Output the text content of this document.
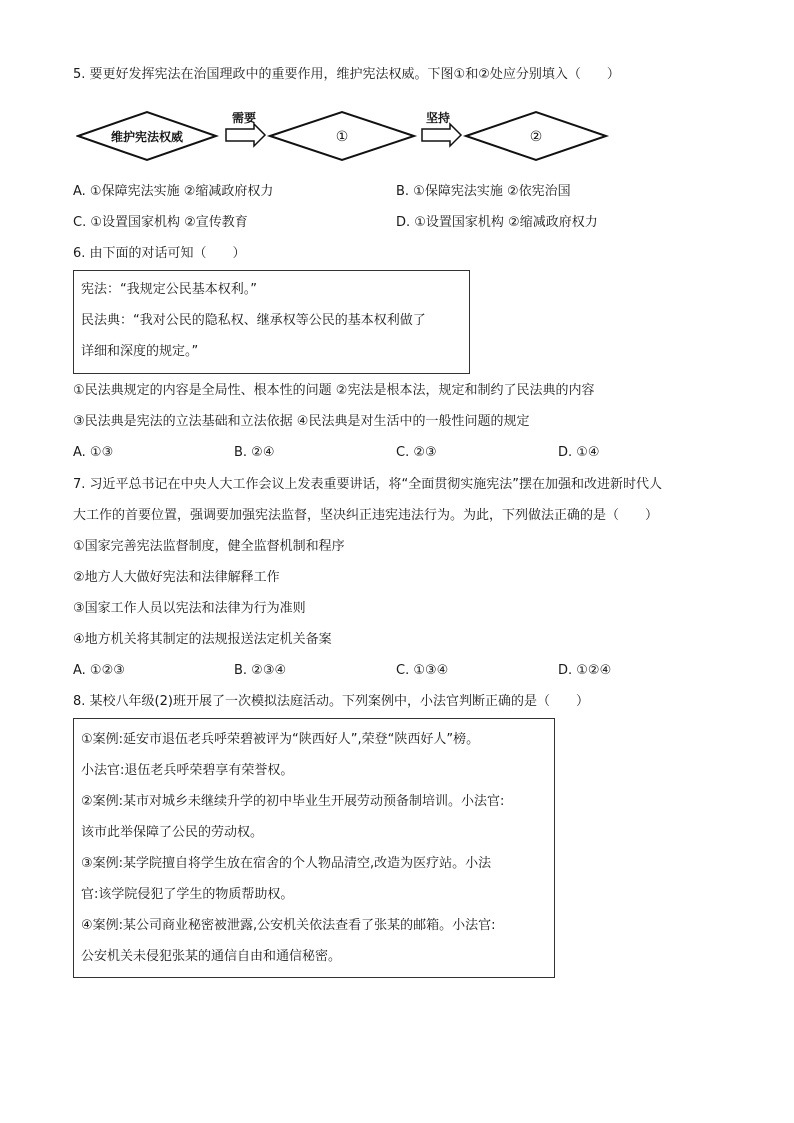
5. 要更好发挥宪法在治国理政中的重要作用，维护宪法权威。下图①和②处应分别填入（　　）
维护宪法权威
需要
①
坚持
②
A. ①保障宪法实施 ②缩减政府权力	B. ①保障宪法实施 ②依宪治国
C. ①设置国家机构 ②宣传教育	D. ①设置国家机构 ②缩减政府权力
6. 由下面的对话可知（　　）
宪法：“我规定公民基本权利。”
民法典：“我对公民的隐私权、继承权等公民的基本权利做了
详细和深度的规定。”
①民法典规定的内容是全局性、根本性的问题 ②宪法是根本法，规定和制约了民法典的内容
③民法典是宪法的立法基础和立法依据 ④民法典是对生活中的一般性问题的规定
A. ①③	B. ②④	C. ②③	D. ①④
7. 习近平总书记在中央人大工作会议上发表重要讲话，将“全面贯彻实施宪法”摆在加强和改进新时代人
大工作的首要位置，强调要加强宪法监督，坚决纠正违宪违法行为。为此，下列做法正确的是（　　）
①国家完善宪法监督制度，健全监督机制和程序
②地方人大做好宪法和法律解释工作
③国家工作人员以宪法和法律为行为准则
④地方机关将其制定的法规报送法定机关备案
A. ①②③	B. ②③④	C. ①③④	D. ①②④
8. 某校八年级(2)班开展了一次模拟法庭活动。下列案例中，小法官判断正确的是（　　）
①案例:延安市退伍老兵呼荣碧被评为“陕西好人”,荣登“陕西好人”榜。
小法官:退伍老兵呼荣碧享有荣誉权。
②案例:某市对城乡未继续升学的初中毕业生开展劳动预备制培训。小法官:
该市此举保障了公民的劳动权。
③案例:某学院擅自将学生放在宿舍的个人物品清空,改造为医疗站。小法
官:该学院侵犯了学生的物质帮助权。
④案例:某公司商业秘密被泄露,公安机关依法查看了张某的邮箱。小法官:
公安机关未侵犯张某的通信自由和通信秘密。
